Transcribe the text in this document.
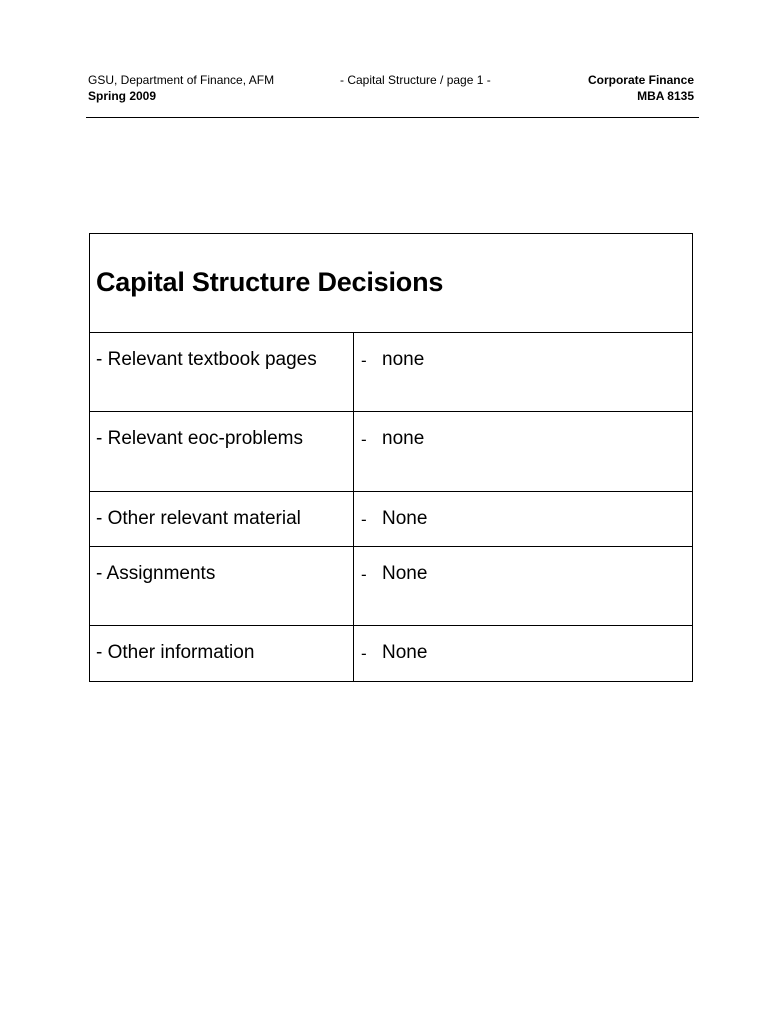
GSU, Department of Finance, AFM
Spring 2009
- Capital Structure / page 1 -	Corporate Finance
MBA 8135
Capital Structure Decisions
- Relevant textbook pages	- none
- Relevant eoc-problems	- none
- Other relevant material	- None
- Assignments	- None
- Other information	- None
